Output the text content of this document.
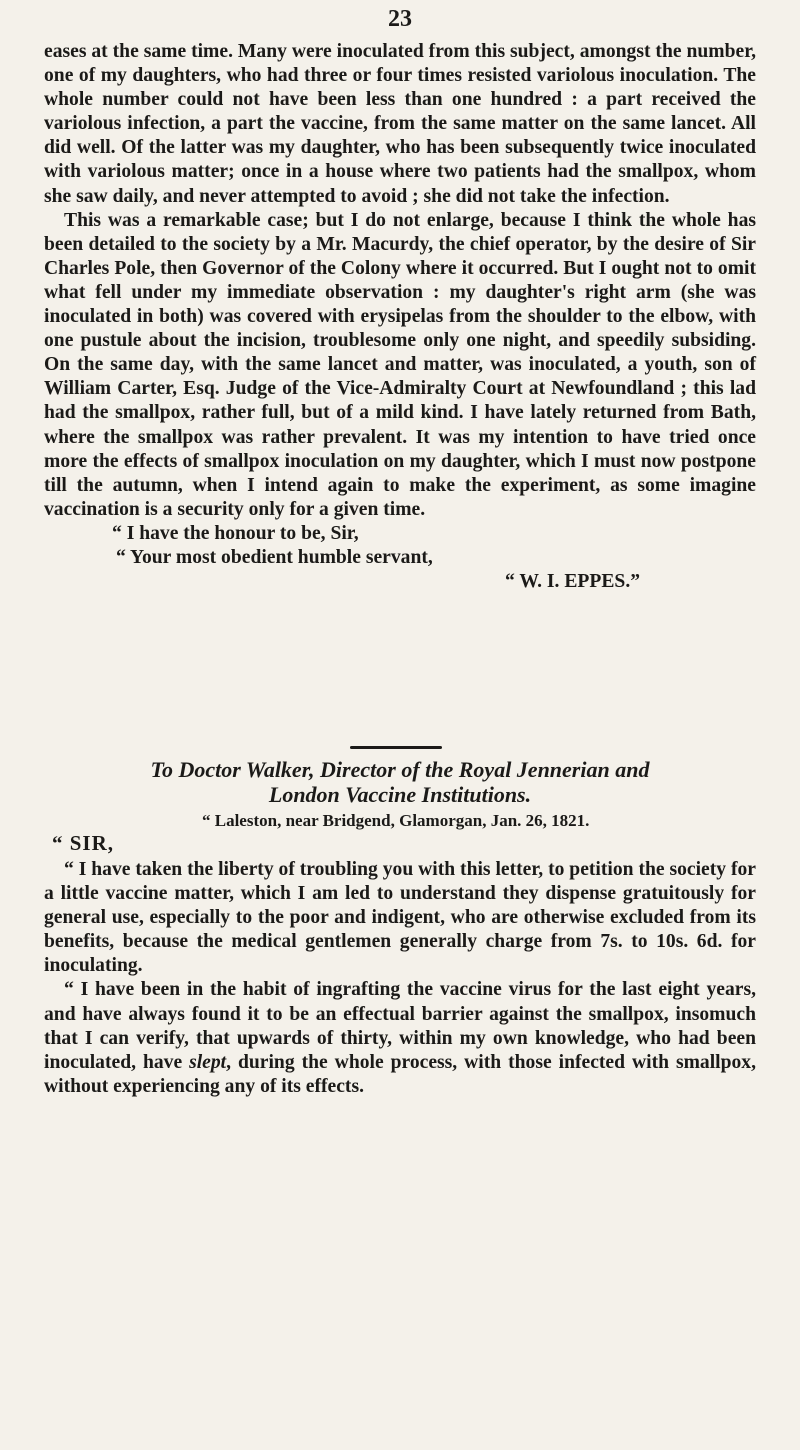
23

eases at the same time. Many were inoculated from this subject, amongst the number, one of my daughters, who had three or four times resisted variolous inoculation. The whole number could not have been less than one hundred : a part received the variolous infection, a part the vaccine, from the same matter on the same lancet. All did well. Of the latter was my daughter, who has been subsequently twice inoculated with variolous matter; once in a house where two patients had the smallpox, whom she saw daily, and never attempted to avoid ; she did not take the infection.

This was a remarkable case; but I do not enlarge, because I think the whole has been detailed to the society by a Mr. Macurdy, the chief operator, by the desire of Sir Charles Pole, then Governor of the Colony where it occurred. But I ought not to omit what fell under my immediate observation : my daughter's right arm (she was inoculated in both) was covered with erysipelas from the shoulder to the elbow, with one pustule about the incision, troublesome only one night, and speedily subsiding. On the same day, with the same lancet and matter, was inoculated, a youth, son of William Carter, Esq. Judge of the Vice-Admiralty Court at Newfoundland ; this lad had the smallpox, rather full, but of a mild kind. I have lately returned from Bath, where the smallpox was rather prevalent. It was my intention to have tried once more the effects of smallpox inoculation on my daughter, which I must now postpone till the autumn, when I intend again to make the experiment, as some imagine vaccination is a security only for a given time.

“ I have the honour to be, Sir,

“ Your most obedient humble servant,

“ W. I. EPPES.”

To Doctor Walker, Director of the Royal Jennerian and
London Vaccine Institutions.
“ Laleston, near Bridgend, Glamorgan, Jan. 26, 1821.
“ SIR,

“ I have taken the liberty of troubling you with this letter, to petition the society for a little vaccine matter, which I am led to understand they dispense gratuitously for general use, especially to the poor and indigent, who are otherwise excluded from its benefits, because the medical gentlemen generally charge from 7s. to 10s. 6d. for inoculating.

“ I have been in the habit of ingrafting the vaccine virus for the last eight years, and have always found it to be an effectual barrier against the smallpox, insomuch that I can verify, that upwards of thirty, within my own knowledge, who had been inoculated, have slept, during the whole process, with those infected with smallpox, without experiencing any of its effects.
